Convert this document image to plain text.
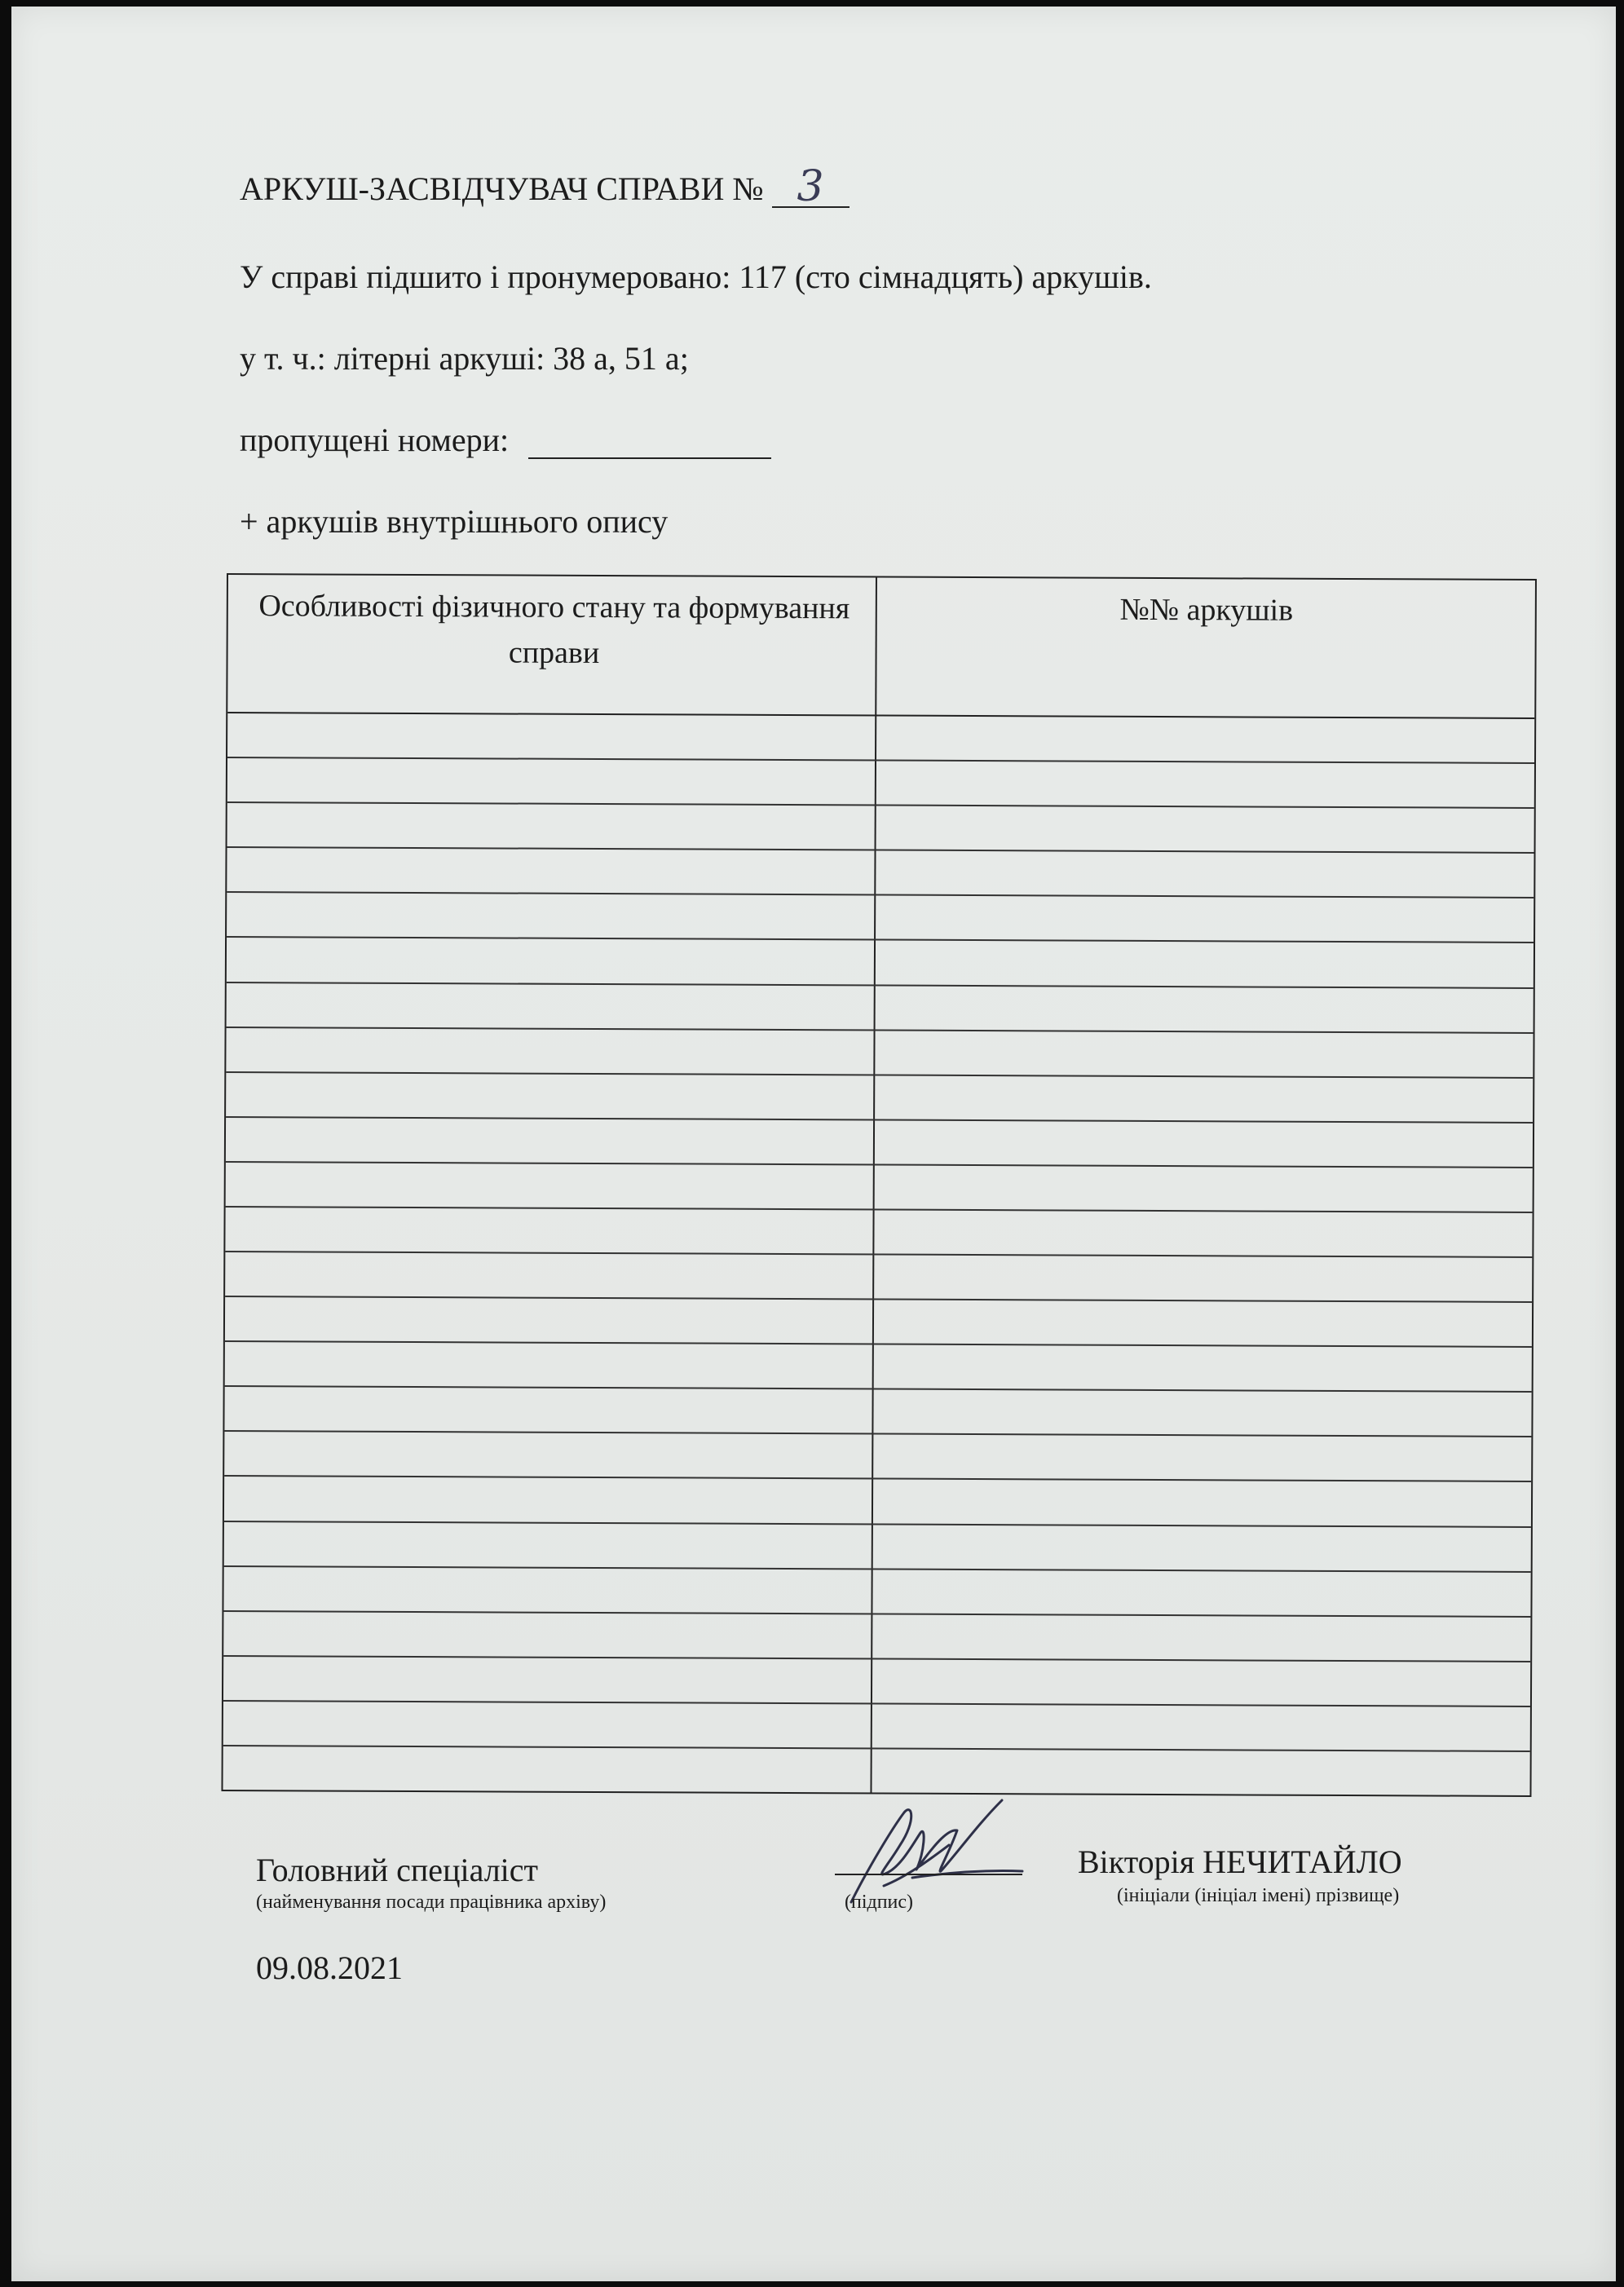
АРКУШ-ЗАСВІДЧУВАЧ СПРАВИ № 3
У справі підшито і пронумеровано: 117 (сто сімнадцять) аркушів.
у т. ч.: літерні аркуші: 38 а, 51 а;
пропущені номери:
+ аркушів внутрішнього опису
Особливості фізичного стану та формування справи
№№ аркушів
Головний спеціаліст
(найменування посади працівника архіву)	(підпис)
Вікторія НЕЧИТАЙЛО
(ініціали (ініціал імені) прізвище)
09.08.2021
